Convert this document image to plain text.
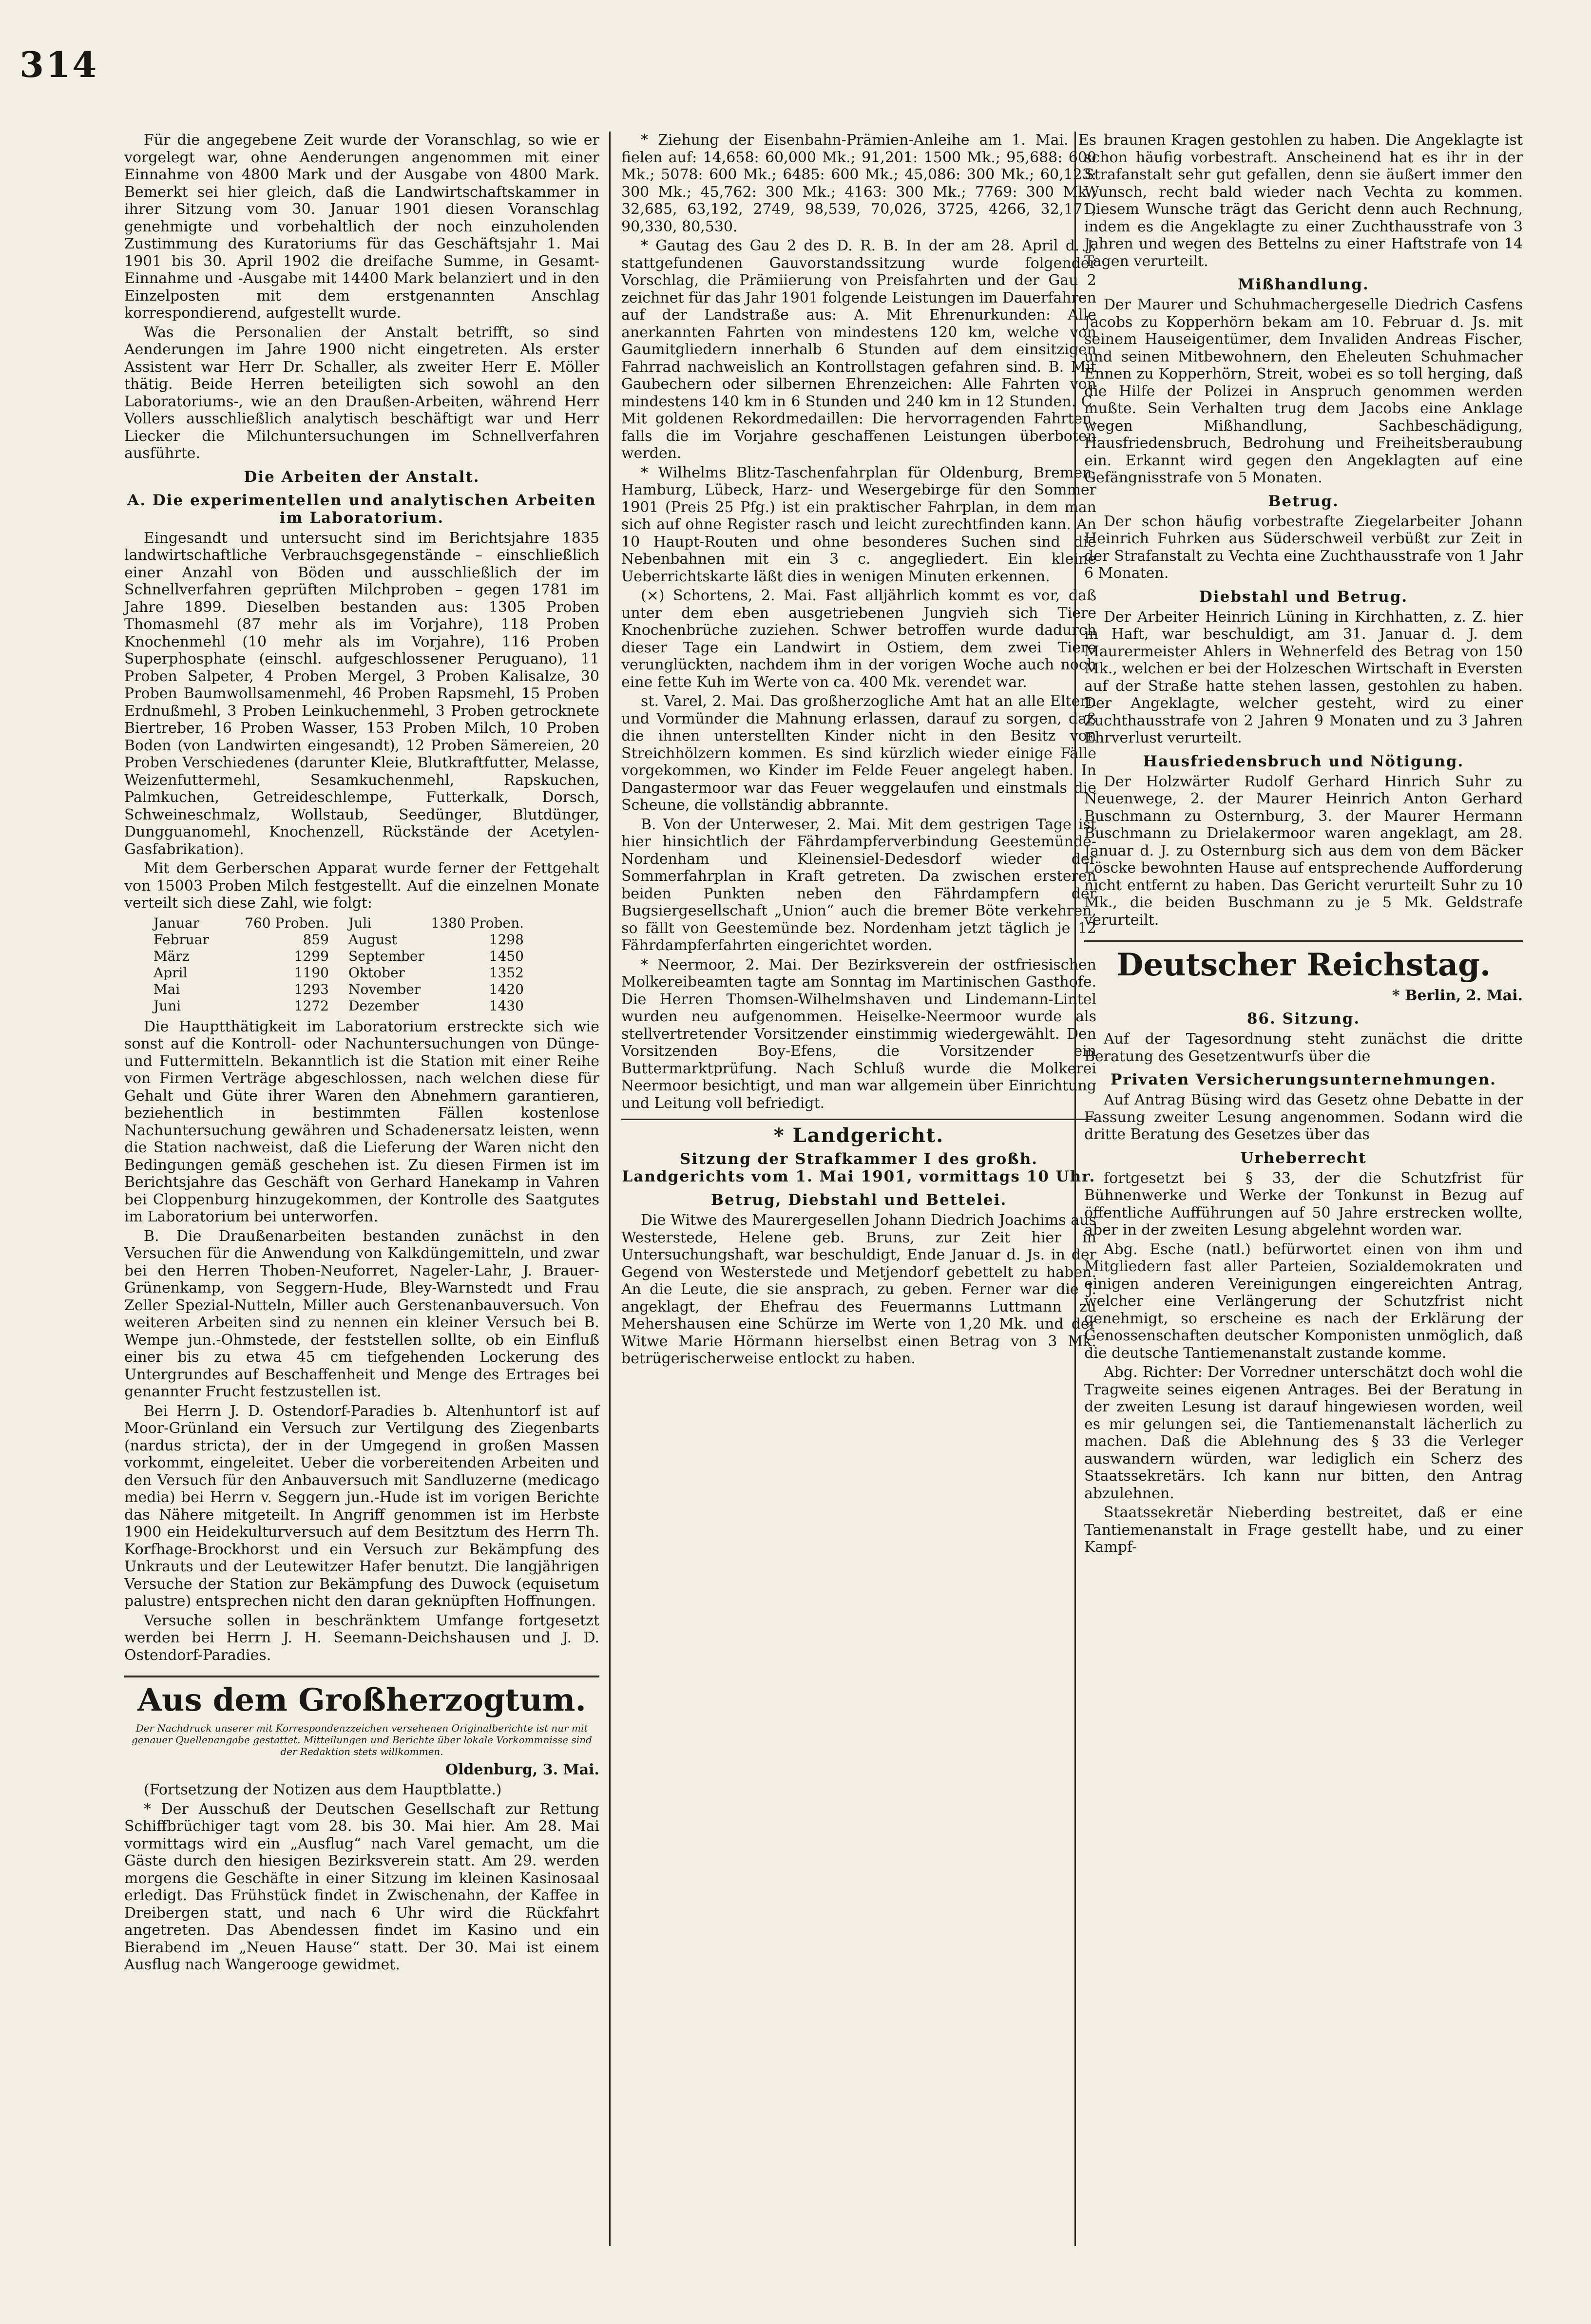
314

Für die angegebene Zeit wurde der Voranschlag, so wie er vorgelegt war, ohne Aenderungen angenommen mit einer Einnahme von 4800 Mark und der Ausgabe von 4800 Mark. Bemerkt sei hier gleich, daß die Landwirtschaftskammer in ihrer Sitzung vom 30. Januar 1901 diesen Voranschlag genehmigte und vorbehaltlich der noch einzuholenden Zustimmung des Kuratoriums für das Geschäftsjahr 1. Mai 1901 bis 30. April 1902 die dreifache Summe, in Gesamt-Einnahme und -Ausgabe mit 14400 Mark belanziert und in den Einzelposten mit dem erstgenannten Anschlag korrespondierend, aufgestellt wurde.

Was die Personalien der Anstalt betrifft, so sind Aenderungen im Jahre 1900 nicht eingetreten. Als erster Assistent war Herr Dr. Schaller, als zweiter Herr E. Möller thätig. Beide Herren beteiligten sich sowohl an den Laboratoriums-, wie an den Draußen-Arbeiten, während Herr Vollers ausschließlich analytisch beschäftigt war und Herr Liecker die Milchuntersuchungen im Schnellverfahren ausführte.

Die Arbeiten der Anstalt.
A. Die experimentellen und analytischen Arbeiten im Laboratorium.

Eingesandt und untersucht sind im Berichtsjahre 1835 landwirtschaftliche Verbrauchsgegenstände – einschließlich einer Anzahl von Böden und ausschließlich der im Schnellverfahren geprüften Milchproben – gegen 1781 im Jahre 1899. Dieselben bestanden aus: 1305 Proben Thomasmehl (87 mehr als im Vorjahre), 118 Proben Knochenmehl (10 mehr als im Vorjahre), 116 Proben Superphosphate (einschl. aufgeschlossener Peruguano), 11 Proben Salpeter, 4 Proben Mergel, 3 Proben Kalisalze, 30 Proben Baumwollsamenmehl, 46 Proben Rapsmehl, 15 Proben Erdnußmehl, 3 Proben Leinkuchenmehl, 3 Proben getrocknete Biertreber, 16 Proben Wasser, 153 Proben Milch, 10 Proben Boden (von Landwirten eingesandt), 12 Proben Sämereien, 20 Proben Verschiedenes (darunter Kleie, Blutkraftfutter, Melasse, Weizenfuttermehl, Sesamkuchenmehl, Rapskuchen, Palmkuchen, Getreideschlempe, Futterkalk, Dorsch, Schweineschmalz, Wollstaub, Seedünger, Blutdünger, Dungguanomehl, Knochenzell, Rückstände der Acetylen-Gasfabrikation).

Mit dem Gerberschen Apparat wurde ferner der Fettgehalt von 15003 Proben Milch festgestellt. Auf die einzelnen Monate verteilt sich diese Zahl, wie folgt:

Januar	760 Proben. Juli	1380 Proben.
Februar	859 August	1298
März	1299 September	1450
April	1190 Oktober	1352
Mai	1293 November	1420
Juni	1272 Dezember	1430

Die Hauptthätigkeit im Laboratorium erstreckte sich wie sonst auf die Kontroll- oder Nachuntersuchungen von Dünge- und Futtermitteln. Bekanntlich ist die Station mit einer Reihe von Firmen Verträge abgeschlossen, nach welchen diese für Gehalt und Güte ihrer Waren den Abnehmern garantieren, beziehentlich in bestimmten Fällen kostenlose Nachuntersuchung gewähren und Schadenersatz leisten, wenn die Station nachweist, daß die Lieferung der Waren nicht den Bedingungen gemäß geschehen ist. Zu diesen Firmen ist im Berichtsjahre das Geschäft von Gerhard Hanekamp in Vahren bei Cloppenburg hinzugekommen, der Kontrolle des Saatgutes im Laboratorium bei unterworfen.

B. Die Draußenarbeiten bestanden zunächst in den Versuchen für die Anwendung von Kalkdüngemitteln, und zwar bei den Herren Thoben-Neuforret, Nageler-Lahr, J. Brauer-Grünenkamp, von Seggern-Hude, Bley-Warnstedt und Frau Zeller Spezial-Nutteln, Miller auch Gerstenanbauversuch. Von weiteren Arbeiten sind zu nennen ein kleiner Versuch bei B. Wempe jun.-Ohmstede, der feststellen sollte, ob ein Einfluß einer bis zu etwa 45 cm tiefgehenden Lockerung des Untergrundes auf Beschaffenheit und Menge des Ertrages bei genannter Frucht festzustellen ist.

Bei Herrn J. D. Ostendorf-Paradies b. Altenhuntorf ist auf Moor-Grünland ein Versuch zur Vertilgung des Ziegenbarts (nardus stricta), der in der Umgegend in großen Massen vorkommt, eingeleitet. Ueber die vorbereitenden Arbeiten und den Versuch für den Anbauversuch mit Sandluzerne (medicago media) bei Herrn v. Seggern jun.-Hude ist im vorigen Berichte das Nähere mitgeteilt. In Angriff genommen ist im Herbste 1900 ein Heidekulturversuch auf dem Besitztum des Herrn Th. Korfhage-Brockhorst und ein Versuch zur Bekämpfung des Unkrauts und der Leutewitzer Hafer benutzt. Die langjährigen Versuche der Station zur Bekämpfung des Duwock (equisetum palustre) entsprechen nicht den daran geknüpften Hoffnungen.

Versuche sollen in beschränktem Umfange fortgesetzt werden bei Herrn J. H. Seemann-Deichshausen und J. D. Ostendorf-Paradies.

Aus dem Großherzogtum.
Der Nachdruck unserer mit Korrespondenzzeichen versehenen Originalberichte ist nur mit genauer Quellenangabe gestattet. Mitteilungen und Berichte über lokale Vorkommnisse sind der Redaktion stets willkommen.
Oldenburg, 3. Mai.

(Fortsetzung der Notizen aus dem Hauptblatte.)

* Der Ausschuß der Deutschen Gesellschaft zur Rettung Schiffbrüchiger tagt vom 28. bis 30. Mai hier. Am 28. Mai vormittags wird ein „Ausflug“ nach Varel gemacht, um die Gäste durch den hiesigen Bezirksverein statt. Am 29. werden morgens die Geschäfte in einer Sitzung im kleinen Kasinosaal erledigt. Das Frühstück findet in Zwischenahn, der Kaffee in Dreibergen statt, und nach 6 Uhr wird die Rückfahrt angetreten. Das Abendessen findet im Kasino und ein Bierabend im „Neuen Hause“ statt. Der 30. Mai ist einem Ausflug nach Wangerooge gewidmet.

* Ziehung der Eisenbahn-Prämien-Anleihe am 1. Mai. Es fielen auf: 14,658: 60,000 Mk.; 91,201: 1500 Mk.; 95,688: 600 Mk.; 5078: 600 Mk.; 6485: 600 Mk.; 45,086: 300 Mk.; 60,123: 300 Mk.; 45,762: 300 Mk.; 4163: 300 Mk.; 7769: 300 Mk.; 32,685, 63,192, 2749, 98,539, 70,026, 3725, 4266, 32,171, 90,330, 80,530.

* Gautag des Gau 2 des D. R. B. In der am 28. April d. J. stattgefundenen Gauvorstandssitzung wurde folgender Vorschlag, die Prämiierung von Preisfahrten und der Gau 2 zeichnet für das Jahr 1901 folgende Leistungen im Dauerfahren auf der Landstraße aus: A. Mit Ehrenurkunden: Alle anerkannten Fahrten von mindestens 120 km, welche von Gaumitgliedern innerhalb 6 Stunden auf dem einsitzigen Fahrrad nachweislich an Kontrollstagen gefahren sind. B. Mit Gaubechern oder silbernen Ehrenzeichen: Alle Fahrten von mindestens 140 km in 6 Stunden und 240 km in 12 Stunden. C. Mit goldenen Rekordmedaillen: Die hervorragenden Fahrten, falls die im Vorjahre geschaffenen Leistungen überboten werden.

* Wilhelms Blitz-Taschenfahrplan für Oldenburg, Bremen, Hamburg, Lübeck, Harz- und Wesergebirge für den Sommer 1901 (Preis 25 Pfg.) ist ein praktischer Fahrplan, in dem man sich auf ohne Register rasch und leicht zurechtfinden kann. An 10 Haupt-Routen und ohne besonderes Suchen sind die Nebenbahnen mit ein 3 c. angegliedert. Ein kleine Ueberrichtskarte läßt dies in wenigen Minuten erkennen.

(×) Schortens, 2. Mai. Fast alljährlich kommt es vor, daß unter dem eben ausgetriebenen Jungvieh sich Tiere Knochenbrüche zuziehen. Schwer betroffen wurde dadurch dieser Tage ein Landwirt in Ostiem, dem zwei Tiere verunglückten, nachdem ihm in der vorigen Woche auch noch eine fette Kuh im Werte von ca. 400 Mk. verendet war.

st. Varel, 2. Mai. Das großherzogliche Amt hat an alle Eltern und Vormünder die Mahnung erlassen, darauf zu sorgen, daß die ihnen unterstellten Kinder nicht in den Besitz von Streichhölzern kommen. Es sind kürzlich wieder einige Fälle vorgekommen, wo Kinder im Felde Feuer angelegt haben. In Dangastermoor war das Feuer weggelaufen und einstmals die Scheune, die vollständig abbrannte.

B. Von der Unterweser, 2. Mai. Mit dem gestrigen Tage ist hier hinsichtlich der Fährdampferverbindung Geestemünde-Nordenham und Kleinensiel-Dedesdorf wieder der Sommerfahrplan in Kraft getreten. Da zwischen ersteren beiden Punkten neben den Fährdampfern der Bugsiergesellschaft „Union“ auch die bremer Böte verkehren, so fällt von Geestemünde bez. Nordenham jetzt täglich je 12 Fährdampferfahrten eingerichtet worden.

* Neermoor, 2. Mai. Der Bezirksverein der ostfriesischen Molkereibeamten tagte am Sonntag im Martinischen Gasthofe. Die Herren Thomsen-Wilhelmshaven und Lindemann-Lintel wurden neu aufgenommen. Heiselke-Neermoor wurde als stellvertretender Vorsitzender einstimmig wiedergewählt. Den Vorsitzenden Boy-Efens, die Vorsitzender ein Buttermarktprüfung. Nach Schluß wurde die Molkerei Neermoor besichtigt, und man war allgemein über Einrichtung und Leitung voll befriedigt.

* Landgericht.
Sitzung der Strafkammer I des großh. Landgerichts vom 1. Mai 1901, vormittags 10 Uhr.
Betrug, Diebstahl und Bettelei.

Die Witwe des Maurergesellen Johann Diedrich Joachims aus Westerstede, Helene geb. Bruns, zur Zeit hier in Untersuchungshaft, war beschuldigt, Ende Januar d. Js. in der Gegend von Westerstede und Metjendorf gebettelt zu haben. An die Leute, die sie ansprach, zu geben. Ferner war die J. angeklagt, der Ehefrau des Feuermanns Luttmann zu Mehershausen eine Schürze im Werte von 1,20 Mk. und der Witwe Marie Hörmann hierselbst einen Betrag von 3 Mk. betrügerischerweise entlockt zu haben.

braunen Kragen gestohlen zu haben. Die Angeklagte ist schon häufig vorbestraft. Anscheinend hat es ihr in der Strafanstalt sehr gut gefallen, denn sie äußert immer den Wunsch, recht bald wieder nach Vechta zu kommen. Diesem Wunsche trägt das Gericht denn auch Rechnung, indem es die Angeklagte zu einer Zuchthausstrafe von 3 Jahren und wegen des Bettelns zu einer Haftstrafe von 14 Tagen verurteilt.

Mißhandlung.

Der Maurer und Schuhmachergeselle Diedrich Casfens Jacobs zu Kopperhörn bekam am 10. Februar d. Js. mit seinem Hauseigentümer, dem Invaliden Andreas Fischer, und seinen Mitbewohnern, den Eheleuten Schuhmacher Ennen zu Kopperhörn, Streit, wobei es so toll herging, daß die Hilfe der Polizei in Anspruch genommen werden mußte. Sein Verhalten trug dem Jacobs eine Anklage wegen Mißhandlung, Sachbeschädigung, Hausfriedensbruch, Bedrohung und Freiheitsberaubung ein. Erkannt wird gegen den Angeklagten auf eine Gefängnisstrafe von 5 Monaten.

Betrug.

Der schon häufig vorbestrafte Ziegelarbeiter Johann Heinrich Fuhrken aus Süderschweil verbüßt zur Zeit in der Strafanstalt zu Vechta eine Zuchthausstrafe von 1 Jahr 6 Monaten.

Diebstahl und Betrug.

Der Arbeiter Heinrich Lüning in Kirchhatten, z. Z. hier in Haft, war beschuldigt, am 31. Januar d. J. dem Maurermeister Ahlers in Wehnerfeld des Betrag von 150 Mk., welchen er bei der Holzeschen Wirtschaft in Eversten auf der Straße hatte stehen lassen, gestohlen zu haben. Der Angeklagte, welcher gesteht, wird zu einer Zuchthausstrafe von 2 Jahren 9 Monaten und zu 3 Jahren Ehrverlust verurteilt.

Hausfriedensbruch und Nötigung.

Der Holzwärter Rudolf Gerhard Hinrich Suhr zu Neuenwege, 2. der Maurer Heinrich Anton Gerhard Buschmann zu Osternburg, 3. der Maurer Hermann Buschmann zu Drielakermoor waren angeklagt, am 28. Januar d. J. zu Osternburg sich aus dem von dem Bäcker Löscke bewohnten Hause auf entsprechende Aufforderung nicht entfernt zu haben. Das Gericht verurteilt Suhr zu 10 Mk., die beiden Buschmann zu je 5 Mk. Geldstrafe verurteilt.

Deutscher Reichstag.
* Berlin, 2. Mai.
86. Sitzung.

Auf der Tagesordnung steht zunächst die dritte Beratung des Gesetzentwurfs über die

Privaten Versicherungsunternehmungen.

Auf Antrag Büsing wird das Gesetz ohne Debatte in der Fassung zweiter Lesung angenommen. Sodann wird die dritte Beratung des Gesetzes über das

Urheberrecht

fortgesetzt bei § 33, der die Schutzfrist für Bühnenwerke und Werke der Tonkunst in Bezug auf öffentliche Aufführungen auf 50 Jahre erstrecken wollte, aber in der zweiten Lesung abgelehnt worden war.

Abg. Esche (natl.) befürwortet einen von ihm und Mitgliedern fast aller Parteien, Sozialdemokraten und einigen anderen Vereinigungen eingereichten Antrag, welcher eine Verlängerung der Schutzfrist nicht genehmigt, so erscheine es nach der Erklärung der Genossenschaften deutscher Komponisten unmöglich, daß die deutsche Tantiemenanstalt zustande komme.

Abg. Richter: Der Vorredner unterschätzt doch wohl die Tragweite seines eigenen Antrages. Bei der Beratung in der zweiten Lesung ist darauf hingewiesen worden, weil es mir gelungen sei, die Tantiemenanstalt lächerlich zu machen. Daß die Ablehnung des § 33 die Verleger auswandern würden, war lediglich ein Scherz des Staatssekretärs. Ich kann nur bitten, den Antrag abzulehnen.

Staatssekretär Nieberding bestreitet, daß er eine Tantiemenanstalt in Frage gestellt habe, und zu einer Kampf-
